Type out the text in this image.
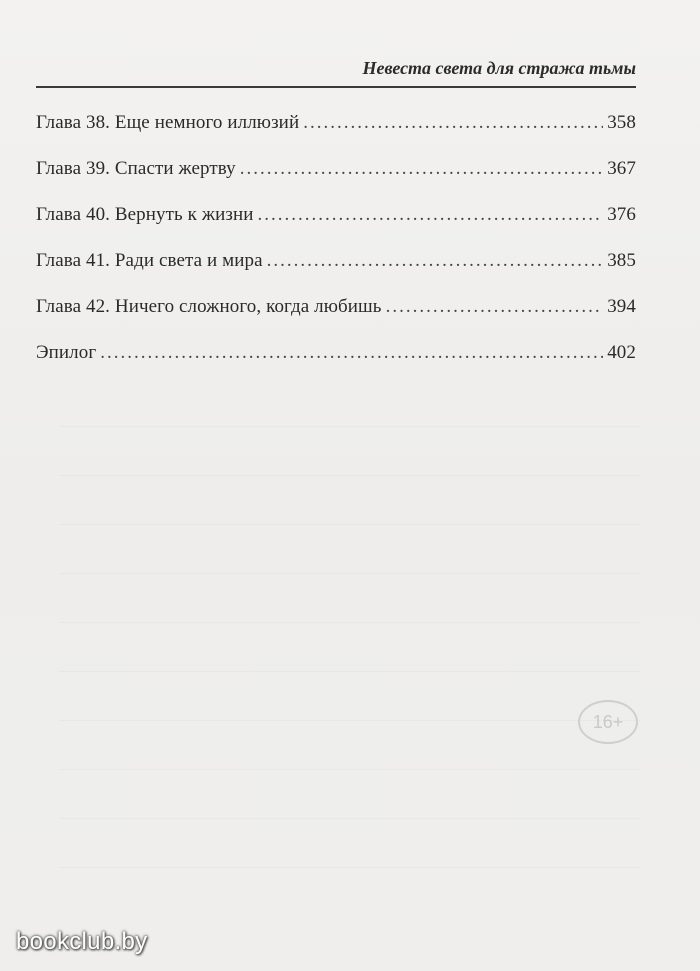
Невеста света для стража тьмы
16+
Глава 38. Еще немного иллюзий .....	358
Глава 39. Спасти жертву .....	367
Глава 40. Вернуть к жизни .....	376
Глава 41. Ради света и мира .....	385
Глава 42. Ничего сложного, когда любишь .....	394
Эпилог .....	402
bookclub.by
